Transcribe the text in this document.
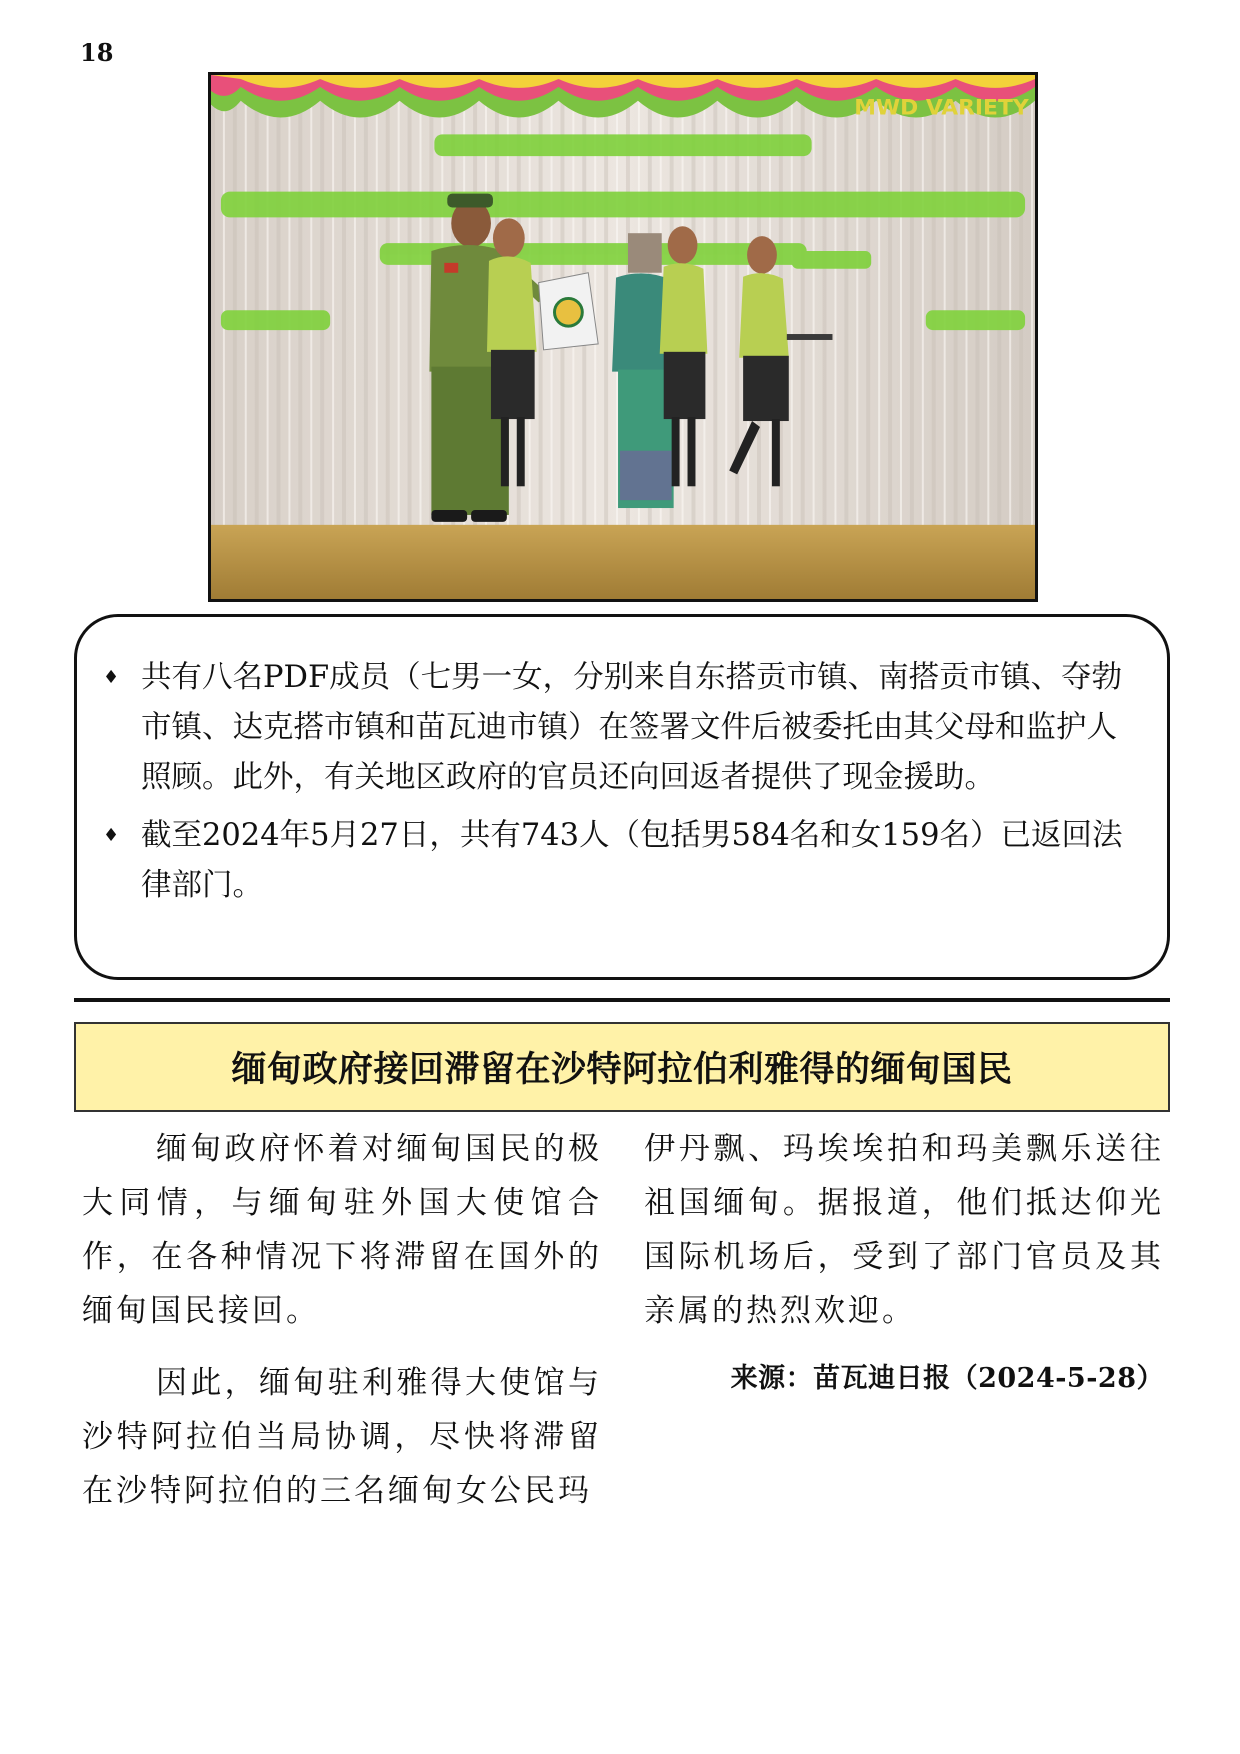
18
MWD VARIETY
♦ 共有八名PDF成员（七男一女，分别来自东搭贡市镇、南搭贡市镇、夺勃市镇、达克搭市镇和苗瓦迪市镇）在签署文件后被委托由其父母和监护人照顾。此外，有关地区政府的官员还向回返者提供了现金援助。
♦ 截至2024年5月27日，共有743人（包括男584名和女159名）已返回法律部门。
缅甸政府接回滞留在沙特阿拉伯利雅得的缅甸国民

缅甸政府怀着对缅甸国民的极大同情，与缅甸驻外国大使馆合作，在各种情况下将滞留在国外的缅甸国民接回。

因此，缅甸驻利雅得大使馆与沙特阿拉伯当局协调，尽快将滞留在沙特阿拉伯的三名缅甸女公民玛

伊丹飘、玛埃埃拍和玛美飘乐送往祖国缅甸。据报道，他们抵达仰光国际机场后，受到了部门官员及其亲属的热烈欢迎。

来源：苗瓦迪日报（2024-5-28）
